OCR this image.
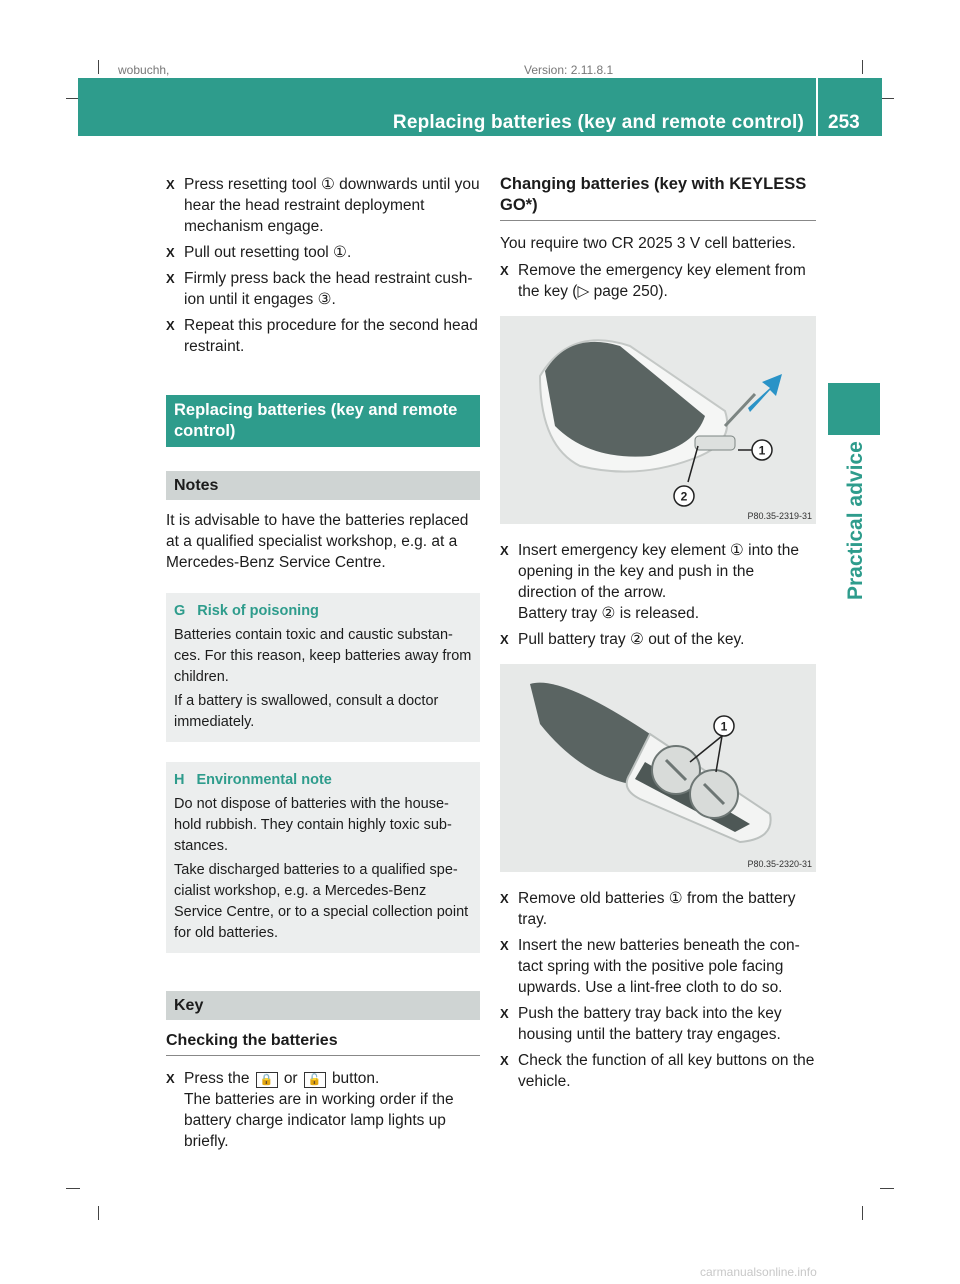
wobuchh,	Version: 2.11.8.1
Replacing batteries (key and remote control) 253
Practical advice
X Press resetting tool ① downwards until you hear the head restraint deployment mechanism engage.
X Pull out resetting tool ①.
X Firmly press back the head restraint cush-ion until it engages ③.
X Repeat this procedure for the second head restraint.
Replacing batteries (key and remote control)
Notes
It is advisable to have the batteries replaced at a qualified specialist workshop, e.g. at a Mercedes-Benz Service Centre.
G Risk of poisoning

Batteries contain toxic and caustic substan-ces. For this reason, keep batteries away from children.

If a battery is swallowed, consult a doctor immediately.

H Environmental note

Do not dispose of batteries with the house-hold rubbish. They contain highly toxic sub-stances.

Take discharged batteries to a qualified spe-cialist workshop, e.g. a Mercedes-Benz Service Centre, or to a special collection point for old batteries.

Key
Checking the batteries
X Press the 🔒 or 🔓 button.
The batteries are in working order if the battery charge indicator lamp lights up briefly.
Changing batteries (key with KEYLESS GO*)
You require two CR 2025 3 V cell batteries.
X Remove the emergency key element from the key (▷ page 250).
1
2
P80.35-2319-31
X Insert emergency key element ① into the opening in the key and push in the direction of the arrow.
Battery tray ② is released.
X Pull battery tray ② out of the key.
1
P80.35-2320-31
X Remove old batteries ① from the battery tray.
X Insert the new batteries beneath the con-tact spring with the positive pole facing upwards. Use a lint-free cloth to do so.
X Push the battery tray back into the key housing until the battery tray engages.
X Check the function of all key buttons on the vehicle.
carmanualsonline.info
